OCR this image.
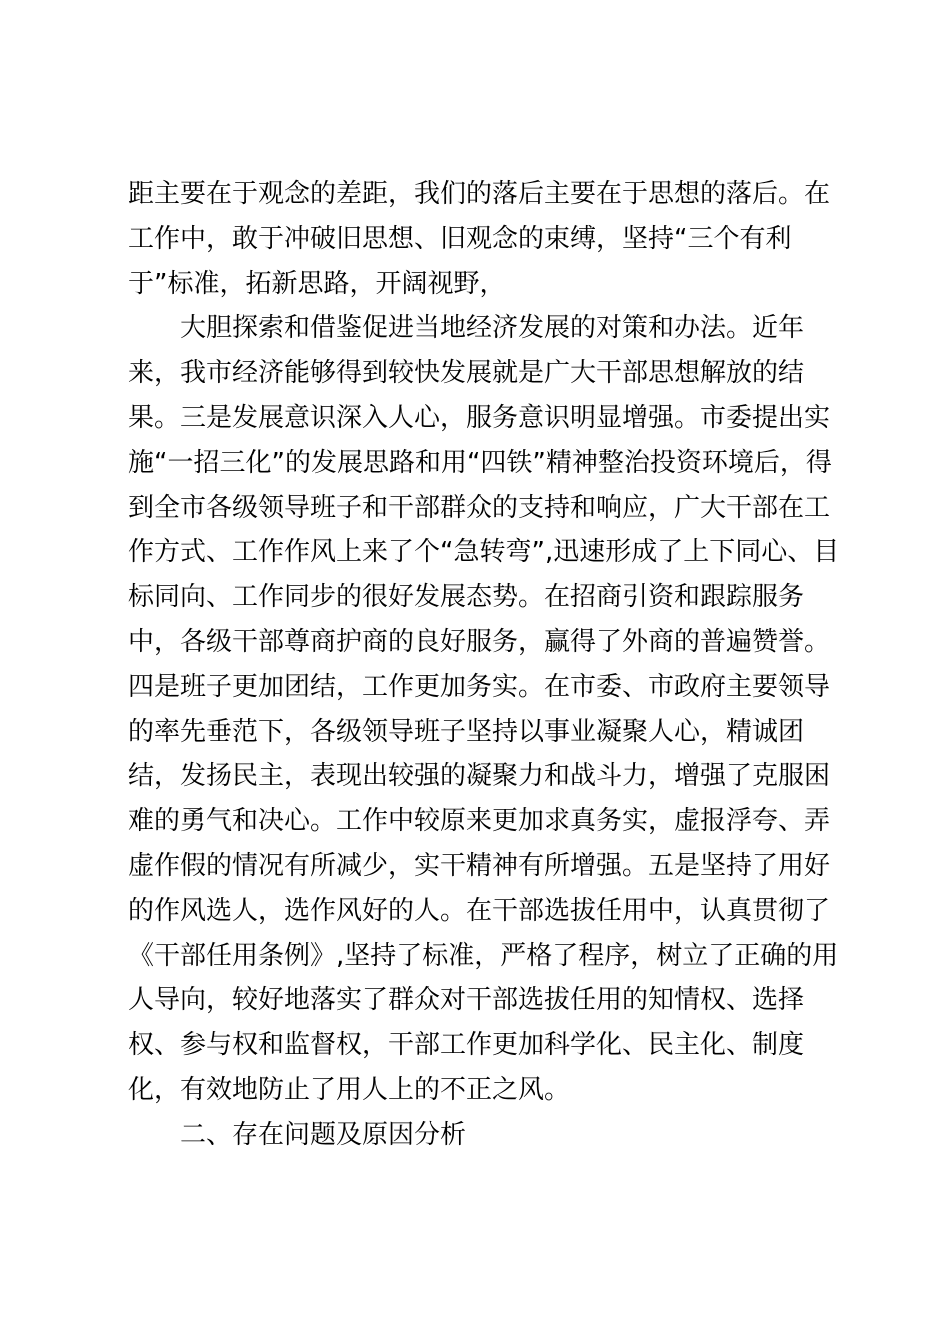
距主要在于观念的差距，我们的落后主要在于思想的落后。在
工作中，敢于冲破旧思想、旧观念的束缚，坚持“三个有利
于”标准，拓新思路，开阔视野，

大胆探索和借鉴促进当地经济发展的对策和办法。近年
来，我市经济能够得到较快发展就是广大干部思想解放的结
果。三是发展意识深入人心，服务意识明显增强。市委提出实
施“一招三化”的发展思路和用“四铁”精神整治投资环境后，得
到全市各级领导班子和干部群众的支持和响应，广大干部在工
作方式、工作作风上来了个“急转弯”,迅速形成了上下同心、目
标同向、工作同步的很好发展态势。在招商引资和跟踪服务
中，各级干部尊商护商的良好服务，赢得了外商的普遍赞誉。
四是班子更加团结，工作更加务实。在市委、市政府主要领导
的率先垂范下，各级领导班子坚持以事业凝聚人心，精诚团
结，发扬民主，表现出较强的凝聚力和战斗力，增强了克服困
难的勇气和决心。工作中较原来更加求真务实，虚报浮夸、弄
虚作假的情况有所减少，实干精神有所增强。五是坚持了用好
的作风选人，选作风好的人。在干部选拔任用中，认真贯彻了
《干部任用条例》,坚持了标准，严格了程序，树立了正确的用
人导向，较好地落实了群众对干部选拔任用的知情权、选择
权、参与权和监督权，干部工作更加科学化、民主化、制度
化，有效地防止了用人上的不正之风。

二、存在问题及原因分析
